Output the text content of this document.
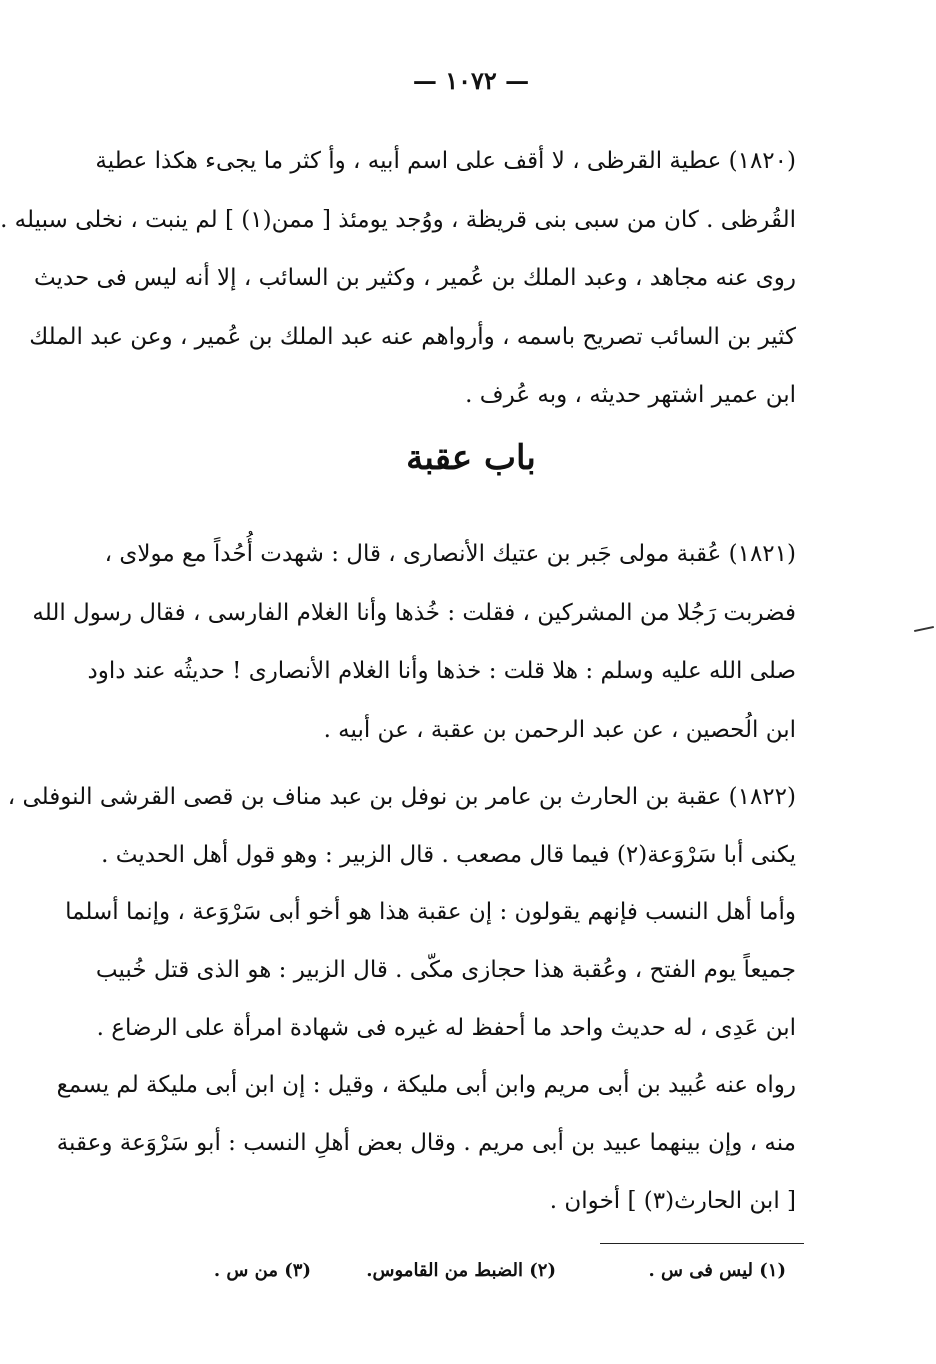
— ١٠٧٢ —
(١٨٢٠) عطية القرظى ، لا أقف على اسم أبيه ، وأ كثر ما يجىء هكذا عطية
القُرظى . كان من سبى بنى قريظة ، ووُجد يومئذ [ ممن(١) ] لم ينبت ، نخلى سبيله .
روى عنه مجاهد ، وعبد الملك بن عُمير ، وكثير بن السائب ، إلا أنه ليس فى حديث
كثير بن السائب تصريح باسمه ، وأرواهم عنه عبد الملك بن عُمير ، وعن عبد الملك
ابن عمير اشتهر حديثه ، وبه عُرف .
باب عقبة
(١٨٢١) عُقبة مولى جَبر بن عتيك الأنصارى ، قال : شهدت أُحُداً مع مولاى ،
فضربت رَجُلا من المشركين ، فقلت : خُذها وأنا الغلام الفارسى ، فقال رسول الله
صلى الله عليه وسلم : هلا قلت : خذها وأنا الغلام الأنصارى ! حديثُه عند داود
ابن الُحصين ، عن عبد الرحمن بن عقبة ، عن أبيه .
(١٨٢٢) عقبة بن الحارث بن عامر بن نوفل بن عبد مناف بن قصى القرشى النوفلى ،
يكنى أبا سَرْوَعة(٢) فيما قال مصعب . قال الزبير : وهو قول أهل الحديث .
وأما أهل النسب فإنهم يقولون : إن عقبة هذا هو أخو أبى سَرْوَعة ، وإنما أسلما
جميعاً يوم الفتح ، وعُقبة هذا حجازى مكّى . قال الزبير : هو الذى قتل خُبيب
ابن عَدِى ، له حديث واحد ما أحفظ له غيره فى شهادة امرأة على الرضاع .
رواه عنه عُبيد بن أبى مريم وابن أبى مليكة ، وقيل : إن ابن أبى مليكة لم يسمع
منه ، وإن بينهما عبيد بن أبى مريم . وقال بعض أهلِ النسب : أبو سَرْوَعة وعقبة
[ ابن الحارث(٣) ] أخوان .
(١) ليس فى س .
(٢) الضبط من القاموس.
(٣) من س .
